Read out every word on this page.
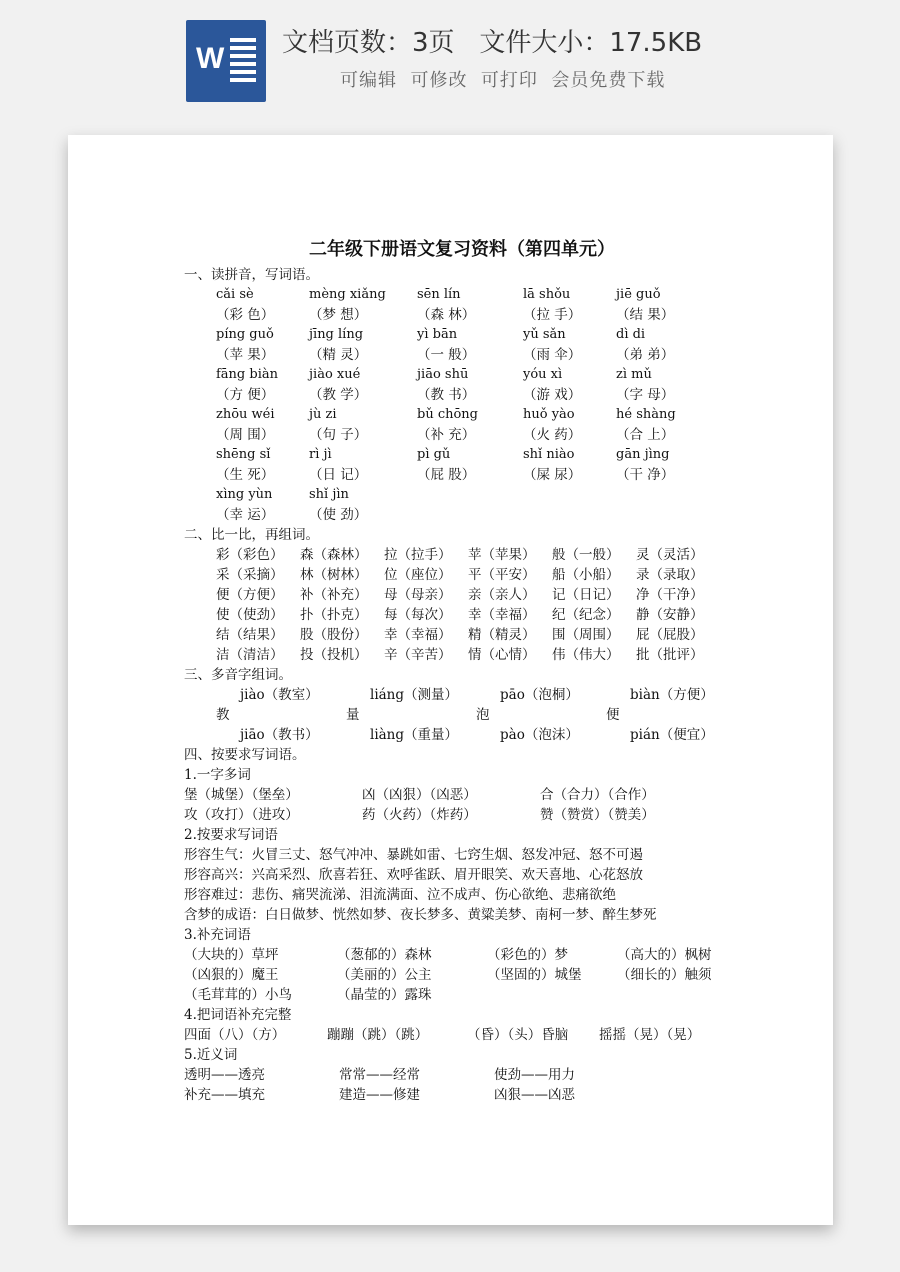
W 文档页数：3页   文件大小：17.5KB
可编辑  可修改  可打印  会员免费下载
二年级下册语文复习资料（第四单元）
一、读拼音，写词语。
cǎi sè	mèng xiǎng	sēn lín	lā shǒu	jiē guǒ
（彩 色）	（梦 想）	（森 林）	（拉 手）	（结 果）
píng guǒ	jīng líng	yì bān	yǔ sǎn	dì di
（苹 果）	（精 灵）	（一 般）	（雨 伞）	（弟 弟）
fāng biàn	jiào xué	jiāo shū	yóu xì	zì mǔ
（方 便）	（教 学）	（教 书）	（游 戏）	（字 母）
zhōu wéi	jù zi	bǔ chōng	huǒ yào	hé shàng
（周 围）	（句 子）	（补 充）	（火 药）	（合 上）
shēng sǐ	rì jì	pì gǔ	shǐ niào	gān jìng
（生 死）	（日 记）	（屁 股）	（屎 尿）	（干 净）
xìng yùn	shǐ jìn
（幸 运）	（使 劲）
二、比一比，再组词。
彩（彩色）	森（森林）	拉（拉手）	苹（苹果）	般（一般）	灵（灵活）
采（采摘）	林（树林）	位（座位）	平（平安）	船（小船）	录（录取）
便（方便）	补（补充）	母（母亲）	亲（亲人）	记（日记）	净（干净）
使（使劲）	扑（扑克）	每（每次）	幸（幸福）	纪（纪念）	静（安静）
结（结果）	股（股份）	幸（幸福）	精（精灵）	围（周围）	屁（屁股）
洁（清洁）	投（投机）	辛（辛苦）	情（心情）	伟（伟大）	批（批评）
三、多音字组词。
jiào（教室）	liáng（测量）	pāo（泡桐）	biàn（方便）
教	量	泡	便
jiāo（教书）	liàng（重量）	pào（泡沫）	pián（便宜）
四、按要求写词语。
1.一字多词
堡（城堡）（堡垒）	凶（凶狠）（凶恶）	合（合力）（合作）
攻（攻打）（进攻）	药（火药）（炸药）	赞（赞赏）（赞美）
2.按要求写词语
形容生气：火冒三丈、怒气冲冲、暴跳如雷、七窍生烟、怒发冲冠、怒不可遏
形容高兴：兴高采烈、欣喜若狂、欢呼雀跃、眉开眼笑、欢天喜地、心花怒放
形容难过：悲伤、痛哭流涕、泪流满面、泣不成声、伤心欲绝、悲痛欲绝
含梦的成语：白日做梦、恍然如梦、夜长梦多、黄粱美梦、南柯一梦、醉生梦死
3.补充词语
（大块的）草坪	（葱郁的）森林	（彩色的）梦	（高大的）枫树
（凶狠的）魔王	（美丽的）公主	（坚固的）城堡	（细长的）触须
（毛茸茸的）小鸟	（晶莹的）露珠
4.把词语补充完整
四面（八）（方）	蹦蹦（跳）（跳）	（昏）（头）昏脑	摇摇（晃）（晃）
5.近义词
透明——透亮	常常——经常	使劲——用力
补充——填充	建造——修建	凶狠——凶恶
